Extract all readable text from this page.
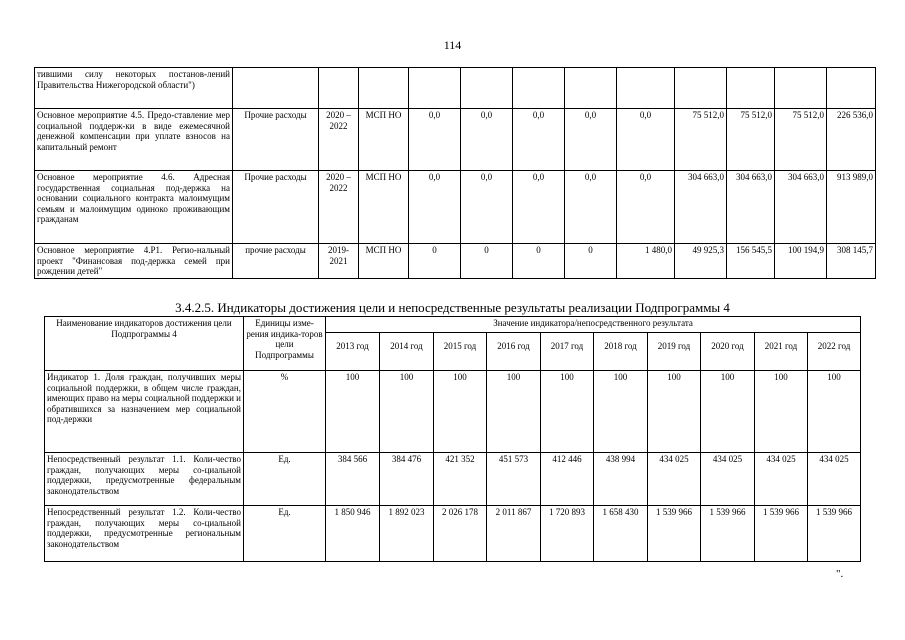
114
тившими силу некоторых постанов-лений Правительства Нижегородской области")												
Основное мероприятие 4.5. Предо-ставление мер социальной поддерж-ки в виде ежемесячной денежной компенсации при уплате взносов на капитальный ремонт	Прочие расходы	2020 – 2022	МСП НО	0,0	0,0	0,0	0,0	0,0	75 512,0	75 512,0	75 512,0	226 536,0
Основное мероприятие 4.6. Адресная государственная социальная под-держка на основании социального контракта малоимущим семьям и малоимущим одиноко проживающим гражданам	Прочие расходы	2020 – 2022	МСП НО	0,0	0,0	0,0	0,0	0,0	304 663,0	304 663,0	304 663,0	913 989,0
Основное мероприятие 4.Р1. Регио-нальный проект "Финансовая под-держка семей при рождении детей"	прочие расходы	2019-2021	МСП НО	0	0	0	0	1 480,0	49 925,3	156 545,5	100 194,9	308 145,7
3.4.2.5. Индикаторы достижения цели и непосредственные результаты реализации Подпрограммы 4
Наименование индикаторов достижения цели Подпрограммы 4	Единицы изме-рения индика-торов цели Подпрограммы	Значение индикатора/непосредственного результата									
		2013 год	2014 год	2015 год	2016 год	2017 год	2018 год	2019 год	2020 год	2021 год	2022 год
Индикатор 1. Доля граждан, получивших меры социальной поддержки, в общем числе граждан, имеющих право на меры социальной поддержки и обратившихся за назначением мер социальной под-держки	%	100	100	100	100	100	100	100	100	100	100
Непосредственный результат 1.1. Коли-чество граждан, получающих меры со-циальной поддержки, предусмотренные федеральным законодательством	Ед.	384 566	384 476	421 352	451 573	412 446	438 994	434 025	434 025	434 025	434 025
Непосредственный результат 1.2. Коли-чество граждан, получающих меры со-циальной поддержки, предусмотренные региональным законодательством	Ед.	1 850 946	1 892 023	2 026 178	2 011 867	1 720 893	1 658 430	1 539 966	1 539 966	1 539 966	1 539 966
".
